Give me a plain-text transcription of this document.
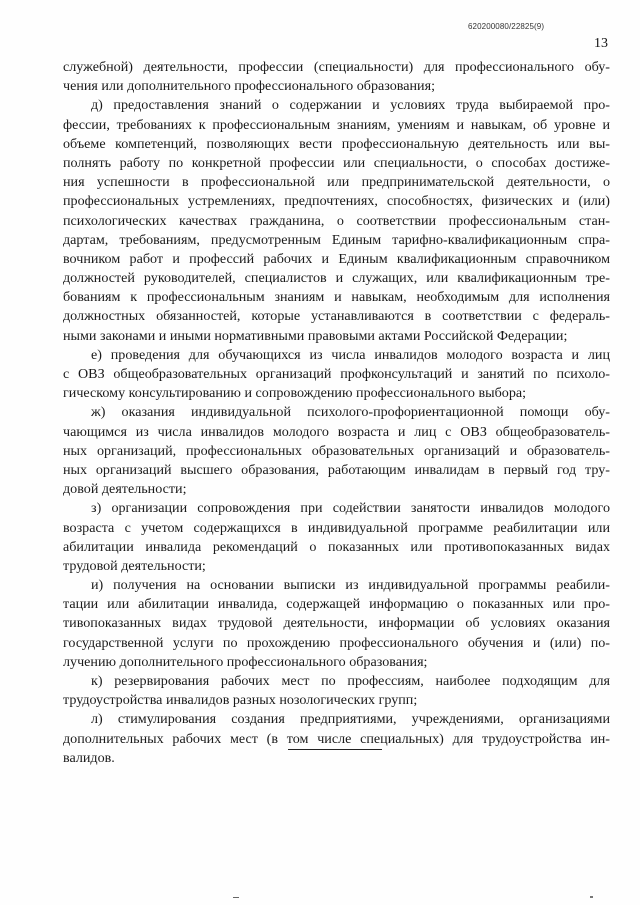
620200080/22825(9)
13
служебной) деятельности, профессии (специальности) для профессионального обу-
чения или дополнительного профессионального образования;
д) предоставления знаний о содержании и условиях труда выбираемой про-
фессии, требованиях к профессиональным знаниям, умениям и навыкам, об уровне и
объеме компетенций, позволяющих вести профессиональную деятельность или вы-
полнять работу по конкретной профессии или специальности, о способах достиже-
ния успешности в профессиональной или предпринимательской деятельности, о
профессиональных устремлениях, предпочтениях, способностях, физических и (или)
психологических качествах гражданина, о соответствии профессиональным стан-
дартам, требованиям, предусмотренным Единым тарифно-квалификационным спра-
вочником работ и профессий рабочих и Единым квалификационным справочником
должностей руководителей, специалистов и служащих, или квалификационным тре-
бованиям к профессиональным знаниям и навыкам, необходимым для исполнения
должностных обязанностей, которые устанавливаются в соответствии с федераль-
ными законами и иными нормативными правовыми актами Российской Федерации;
е) проведения для обучающихся из числа инвалидов молодого возраста и лиц
с ОВЗ общеобразовательных организаций профконсультаций и занятий по психоло-
гическому консультированию и сопровождению профессионального выбора;
ж) оказания индивидуальной психолого-профориентационной помощи обу-
чающимся из числа инвалидов молодого возраста и лиц с ОВЗ общеобразователь-
ных организаций, профессиональных образовательных организаций и образователь-
ных организаций высшего образования, работающим инвалидам в первый год тру-
довой деятельности;
з) организации сопровождения при содействии занятости инвалидов молодого
возраста с учетом содержащихся в индивидуальной программе реабилитации или
абилитации инвалида рекомендаций о показанных или противопоказанных видах
трудовой деятельности;
и) получения на основании выписки из индивидуальной программы реабили-
тации или абилитации инвалида, содержащей информацию о показанных или про-
тивопоказанных видах трудовой деятельности, информации об условиях оказания
государственной услуги по прохождению профессионального обучения и (или) по-
лучению дополнительного профессионального образования;
к) резервирования рабочих мест по профессиям, наиболее подходящим для
трудоустройства инвалидов разных нозологических групп;
л) стимулирования создания предприятиями, учреждениями, организациями
дополнительных рабочих мест (в том числе специальных) для трудоустройства ин-
валидов.
